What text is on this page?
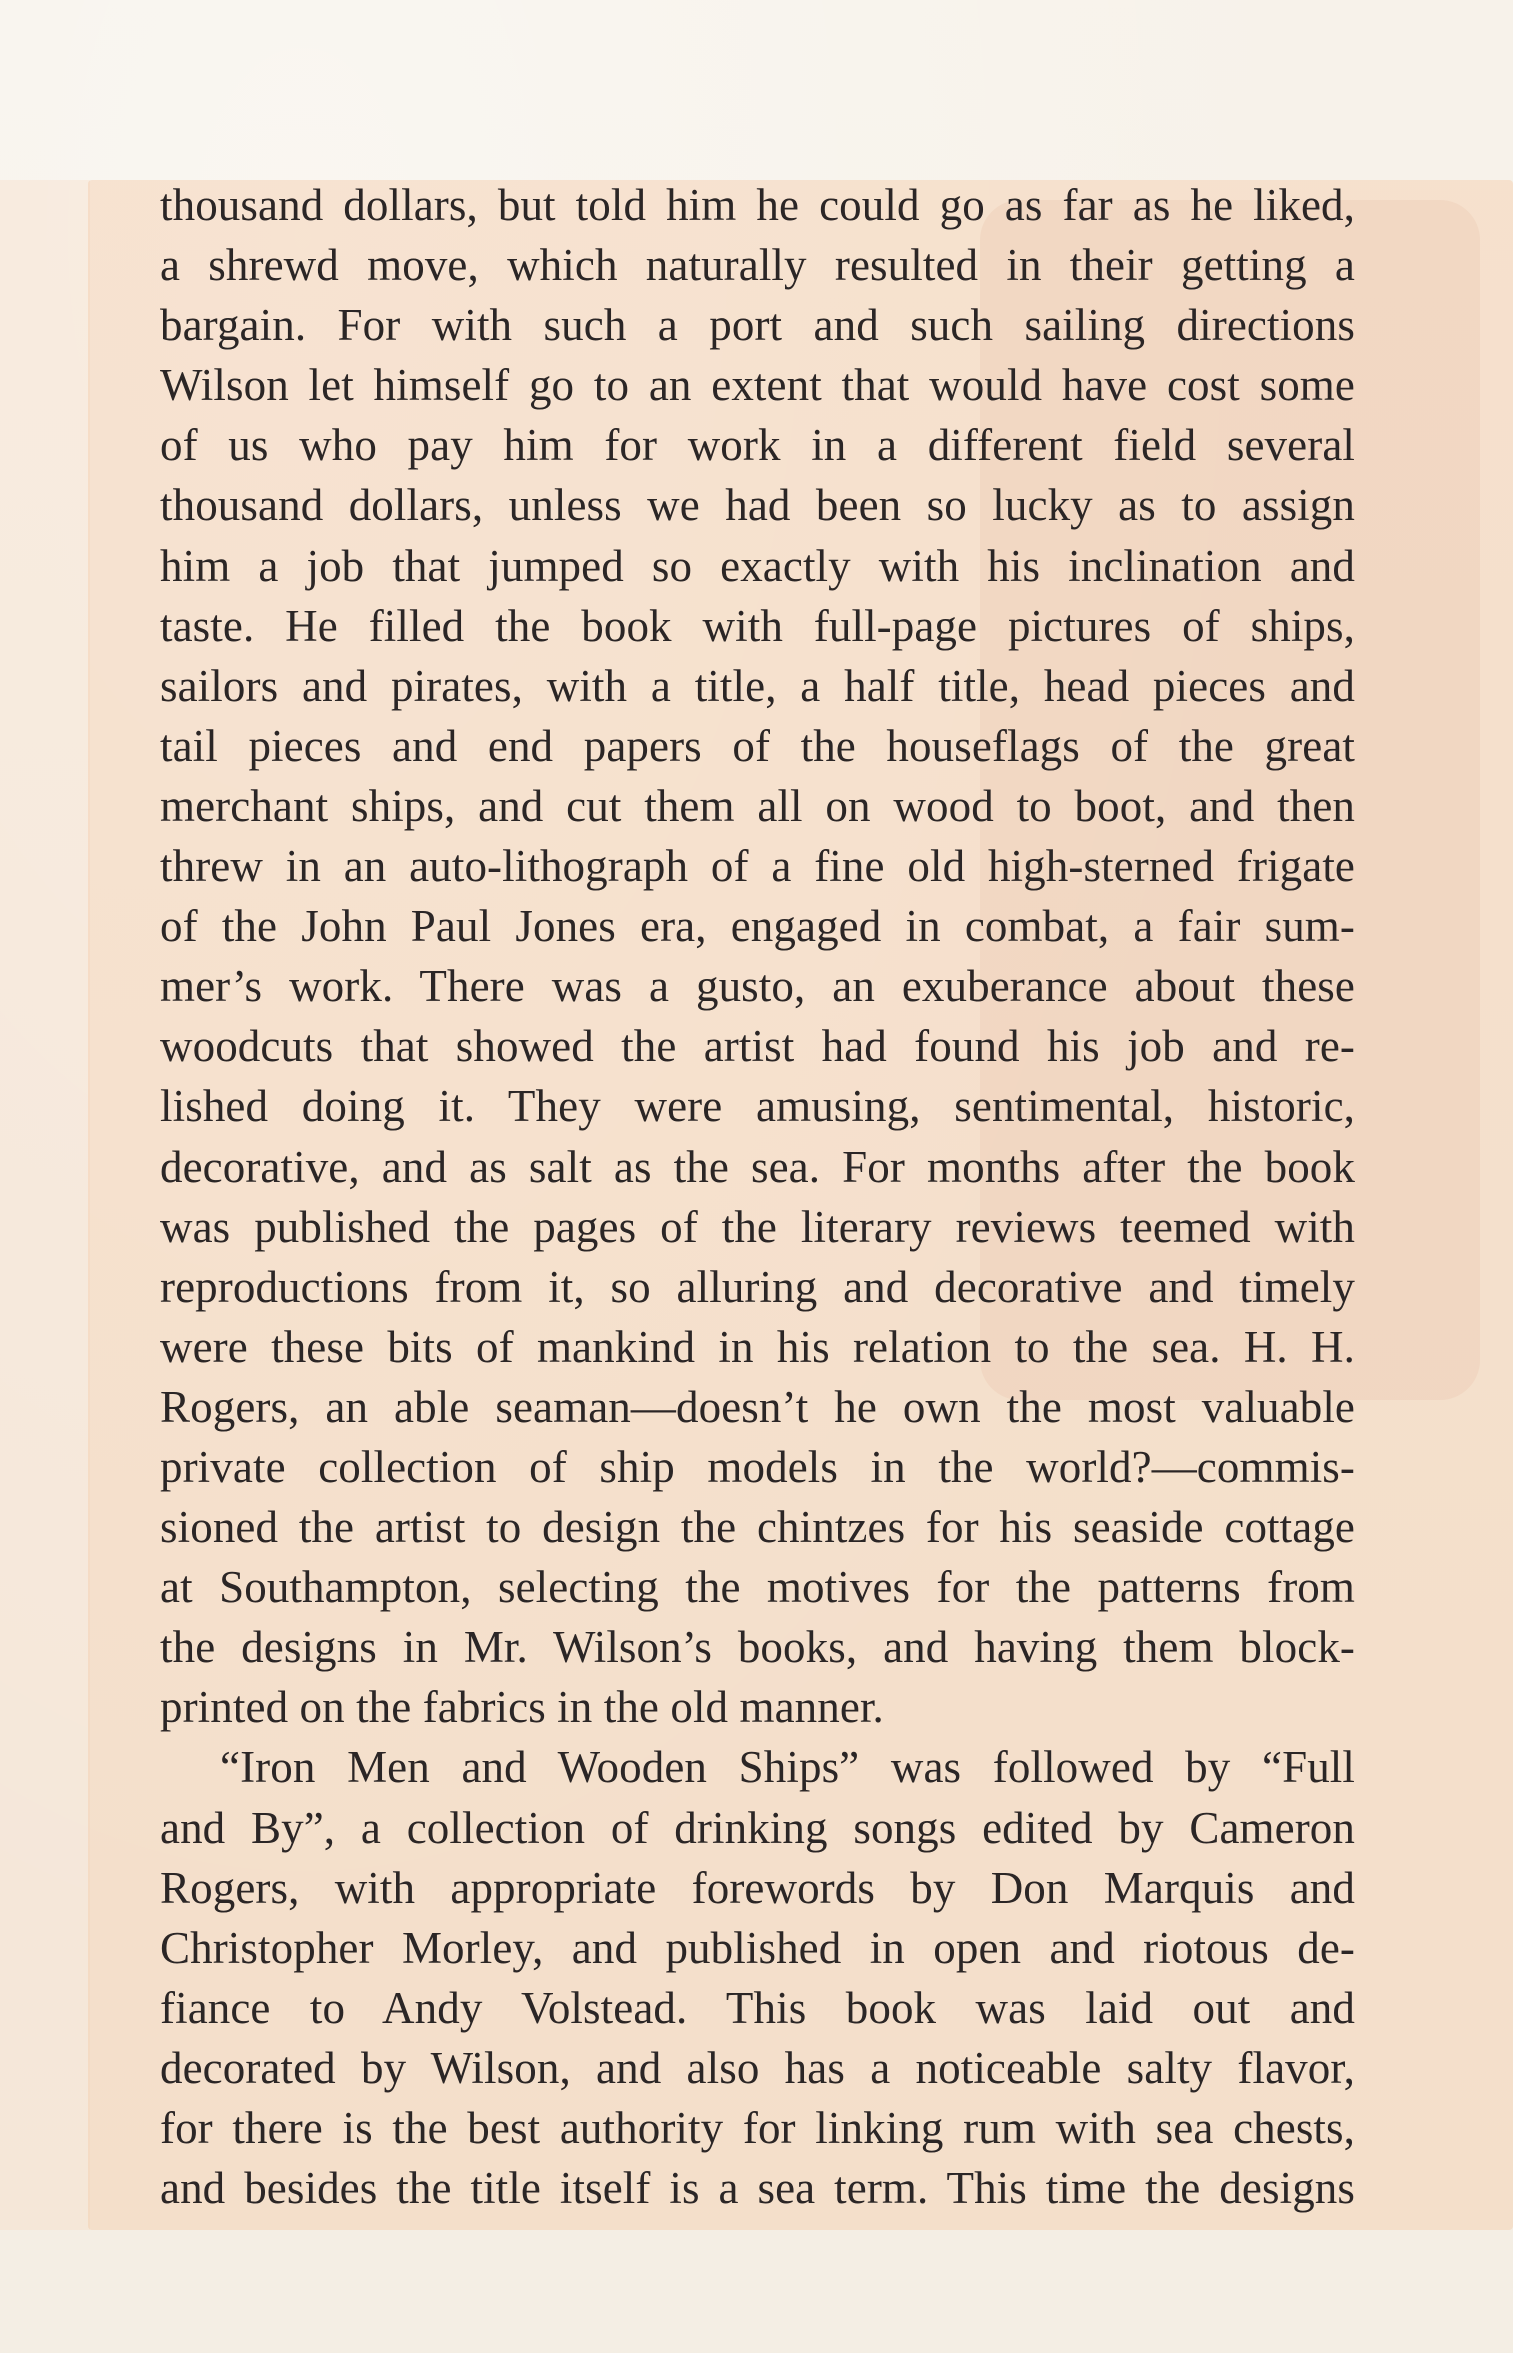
thousand dollars, but told him he could go as far as he liked,
a shrewd move, which naturally resulted in their getting a
bargain. For with such a port and such sailing directions
Wilson let himself go to an extent that would have cost some
of us who pay him for work in a different field several
thousand dollars, unless we had been so lucky as to assign
him a job that jumped so exactly with his inclination and
taste. He filled the book with full-page pictures of ships,
sailors and pirates, with a title, a half title, head pieces and
tail pieces and end papers of the houseflags of the great
merchant ships, and cut them all on wood to boot, and then
threw in an auto-lithograph of a fine old high-sterned frigate
of the John Paul Jones era, engaged in combat, a fair sum-
mer’s work. There was a gusto, an exuberance about these
woodcuts that showed the artist had found his job and re-
lished doing it. They were amusing, sentimental, historic,
decorative, and as salt as the sea. For months after the book
was published the pages of the literary reviews teemed with
reproductions from it, so alluring and decorative and timely
were these bits of mankind in his relation to the sea. H. H.
Rogers, an able seaman—doesn’t he own the most valuable
private collection of ship models in the world?—commis-
sioned the artist to design the chintzes for his seaside cottage
at Southampton, selecting the motives for the patterns from
the designs in Mr. Wilson’s books, and having them block-
printed on the fabrics in the old manner.
“Iron Men and Wooden Ships” was followed by “Full
and By”, a collection of drinking songs edited by Cameron
Rogers, with appropriate forewords by Don Marquis and
Christopher Morley, and published in open and riotous de-
fiance to Andy Volstead. This book was laid out and
decorated by Wilson, and also has a noticeable salty flavor,
for there is the best authority for linking rum with sea chests,
and besides the title itself is a sea term. This time the designs
